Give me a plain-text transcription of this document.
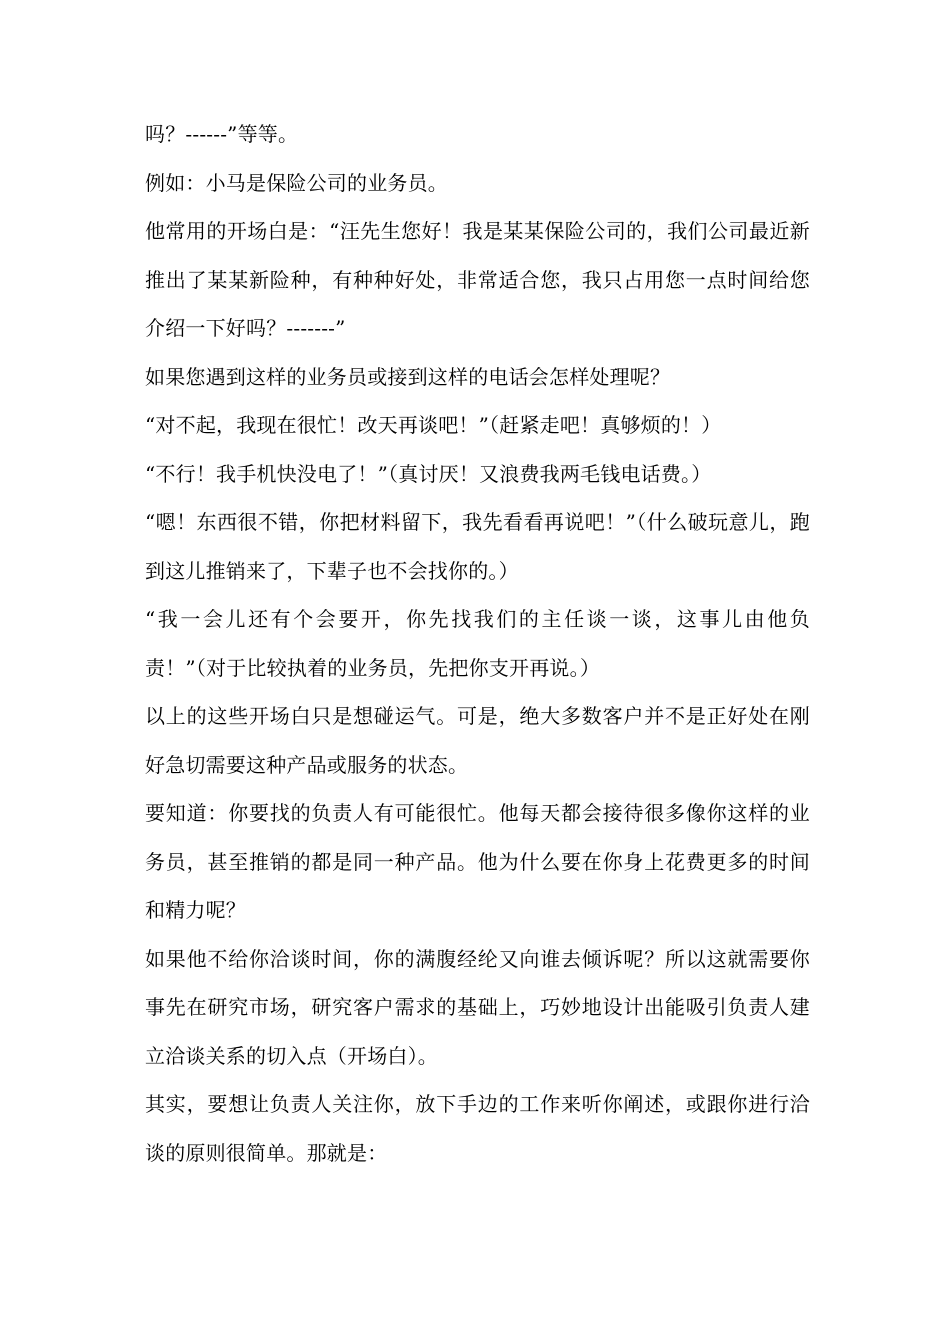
吗？------”等等。

例如：小马是保险公司的业务员。

他常用的开场白是：“汪先生您好！我是某某保险公司的，我们公司最近新推出了某某新险种，有种种好处，非常适合您，我只占用您一点时间给您介绍一下好吗？-------”

如果您遇到这样的业务员或接到这样的电话会怎样处理呢？

“对不起，我现在很忙！改天再谈吧！”（赶紧走吧！真够烦的！）

“不行！我手机快没电了！”（真讨厌！又浪费我两毛钱电话费。）

“嗯！东西很不错，你把材料留下，我先看看再说吧！”（什么破玩意儿，跑到这儿推销来了，下辈子也不会找你的。）

“我一会儿还有个会要开，你先找我们的主任谈一谈，这事儿由他负责！”（对于比较执着的业务员，先把你支开再说。）

以上的这些开场白只是想碰运气。可是，绝大多数客户并不是正好处在刚好急切需要这种产品或服务的状态。

要知道：你要找的负责人有可能很忙。他每天都会接待很多像你这样的业务员，甚至推销的都是同一种产品。他为什么要在你身上花费更多的时间和精力呢？

如果他不给你洽谈时间，你的满腹经纶又向谁去倾诉呢？所以这就需要你事先在研究市场，研究客户需求的基础上，巧妙地设计出能吸引负责人建立洽谈关系的切入点（开场白）。

其实，要想让负责人关注你，放下手边的工作来听你阐述，或跟你进行洽谈的原则很简单。那就是：
